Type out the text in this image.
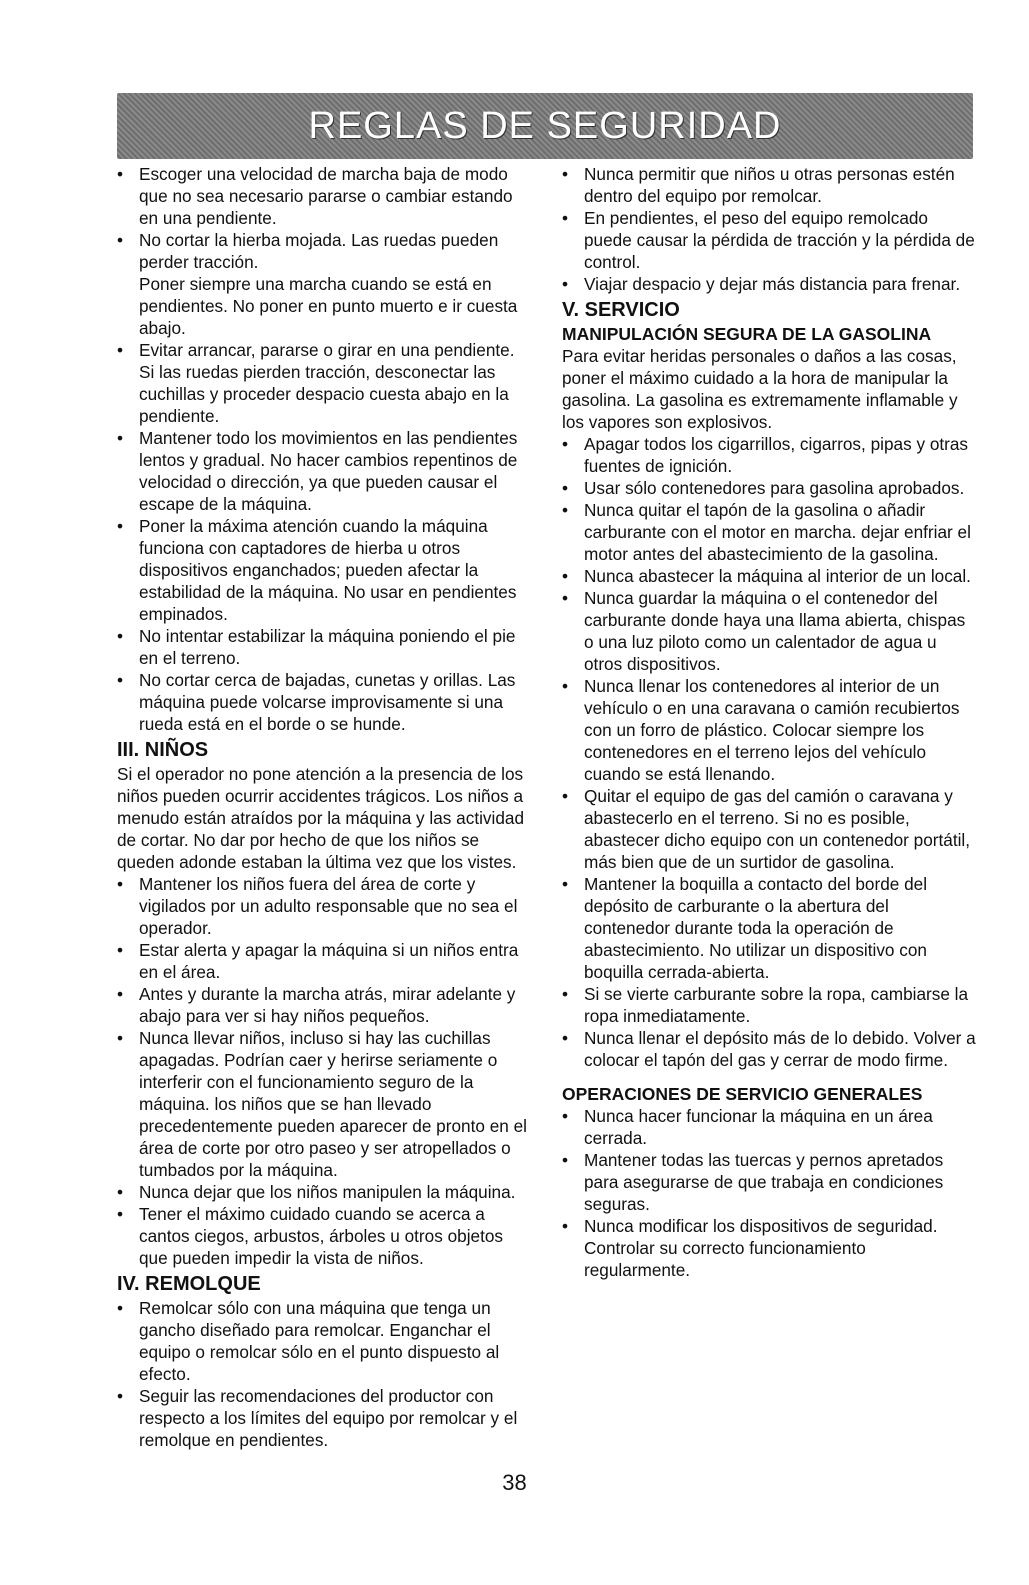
REGLAS DE SEGURIDAD
• Escoger una velocidad de marcha baja de modo que no sea necesario pararse o cambiar estando en una pendiente.
• No cortar la hierba mojada. Las ruedas pueden perder tracción.

Poner siempre una marcha cuando se está en pendientes. No poner en punto muerto e ir cuesta abajo.

• Evitar arrancar, pararse o girar en una pendiente. Si las ruedas pierden tracción, desconectar las cuchillas y proceder despacio cuesta abajo en la pendiente.
• Mantener todo los movimientos en las pendientes lentos y gradual. No hacer cambios repentinos de velocidad o dirección, ya que pueden causar el escape de la máquina.
• Poner la máxima atención cuando la máquina funciona con captadores de hierba u otros dispositivos enganchados; pueden afectar la estabilidad de la máquina. No usar en pendientes empinados.
• No intentar estabilizar la máquina poniendo el pie en el terreno.
• No cortar cerca de bajadas, cunetas y orillas. Las máquina puede volcarse improvisamente si una rueda está en el borde o se hunde.

III. NIÑOS

Si el operador no pone atención a la presencia de los niños pueden ocurrir accidentes trágicos. Los niños a menudo están atraídos por la máquina y las actividad de cortar. No dar por hecho de que los niños se queden adonde estaban la última vez que los vistes.

• Mantener los niños fuera del área de corte y vigilados por un adulto responsable que no sea el operador.
• Estar alerta y apagar la máquina si un niños entra en el área.
• Antes y durante la marcha atrás, mirar adelante y abajo para ver si hay niños pequeños.
• Nunca llevar niños, incluso si hay las cuchillas apagadas. Podrían caer y herirse seriamente o interferir con el funcionamiento seguro de la máquina. los niños que se han llevado precedentemente pueden aparecer de pronto en el área de corte por otro paseo y ser atropellados o tumbados por la máquina.
• Nunca dejar que los niños manipulen la máquina.
• Tener el máximo cuidado cuando se acerca a cantos ciegos, arbustos, árboles u otros objetos que pueden impedir la vista de niños.

IV. REMOLQUE

• Remolcar sólo con una máquina que tenga un gancho diseñado para remolcar. Enganchar el equipo o remolcar sólo en el punto dispuesto al efecto.
• Seguir las recomendaciones del productor con respecto a los límites del equipo por remolcar y el remolque en pendientes.
• Nunca permitir que niños u otras personas estén dentro del equipo por remolcar.
• En pendientes, el peso del equipo remolcado puede causar la pérdida de tracción y la pérdida de control.
• Viajar despacio y dejar más distancia para frenar.

V. SERVICIO

MANIPULACIÓN SEGURA DE LA GASOLINA

Para evitar heridas personales o daños a las cosas, poner el máximo cuidado a la hora de manipular la gasolina. La gasolina es extremamente inflamable y los vapores son explosivos.

• Apagar todos los cigarrillos, cigarros, pipas y otras fuentes de ignición.
• Usar sólo contenedores para gasolina aprobados.
• Nunca quitar el tapón de la gasolina o añadir carburante con el motor en marcha. dejar enfriar el motor antes del abastecimiento de la gasolina.
• Nunca abastecer la máquina al interior de un local.
• Nunca guardar la máquina o el contenedor del carburante donde haya una llama abierta, chispas o una luz piloto como un calentador de agua u otros dispositivos.
• Nunca llenar los contenedores al interior de un vehículo o en una caravana o camión recubiertos con un forro de plástico. Colocar siempre los contenedores en el terreno lejos del vehículo cuando se está llenando.
• Quitar el equipo de gas del camión o caravana y abastecerlo en el terreno. Si no es posible, abastecer dicho equipo con un contenedor portátil, más bien que de un surtidor de gasolina.
• Mantener la boquilla a contacto del borde del depósito de carburante o la abertura del contenedor durante toda la operación de abastecimiento. No utilizar un dispositivo con boquilla cerrada-abierta.
• Si se vierte carburante sobre la ropa, cambiarse la ropa inmediatamente.
• Nunca llenar el depósito más de lo debido. Volver a colocar el tapón del gas y cerrar de modo firme.

OPERACIONES DE SERVICIO GENERALES

• Nunca hacer funcionar la máquina en un área cerrada.
• Mantener todas las tuercas y pernos apretados para asegurarse de que trabaja en condiciones seguras.
• Nunca modificar los dispositivos de seguridad. Controlar su correcto funcionamiento regularmente.
38
